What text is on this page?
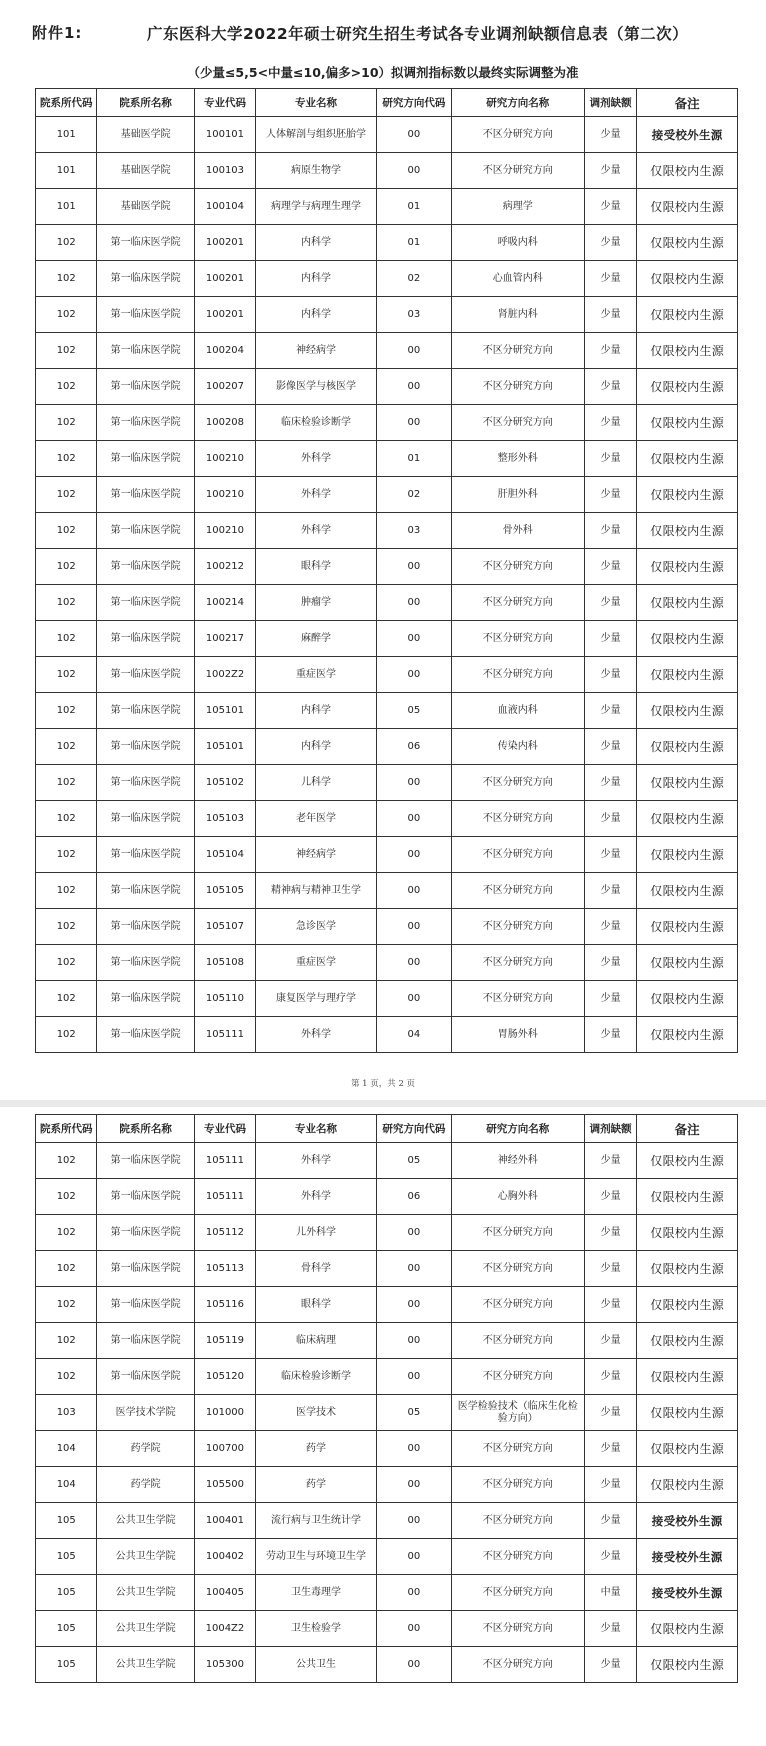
附件1:	广东医科大学2022年硕士研究生招生考试各专业调剂缺额信息表（第二次）
（少量≤5,5<中量≤10,偏多>10）拟调剂指标数以最终实际调整为准
院系所代码	院系所名称	专业代码	专业名称	研究方向代码	研究方向名称	调剂缺额	备注
101	基础医学院	100101	人体解剖与组织胚胎学	00	不区分研究方向	少量	接受校外生源
101	基础医学院	100103	病原生物学	00	不区分研究方向	少量	仅限校内生源
101	基础医学院	100104	病理学与病理生理学	01	病理学	少量	仅限校内生源
102	第一临床医学院	100201	内科学	01	呼吸内科	少量	仅限校内生源
102	第一临床医学院	100201	内科学	02	心血管内科	少量	仅限校内生源
102	第一临床医学院	100201	内科学	03	肾脏内科	少量	仅限校内生源
102	第一临床医学院	100204	神经病学	00	不区分研究方向	少量	仅限校内生源
102	第一临床医学院	100207	影像医学与核医学	00	不区分研究方向	少量	仅限校内生源
102	第一临床医学院	100208	临床检验诊断学	00	不区分研究方向	少量	仅限校内生源
102	第一临床医学院	100210	外科学	01	整形外科	少量	仅限校内生源
102	第一临床医学院	100210	外科学	02	肝胆外科	少量	仅限校内生源
102	第一临床医学院	100210	外科学	03	骨外科	少量	仅限校内生源
102	第一临床医学院	100212	眼科学	00	不区分研究方向	少量	仅限校内生源
102	第一临床医学院	100214	肿瘤学	00	不区分研究方向	少量	仅限校内生源
102	第一临床医学院	100217	麻醉学	00	不区分研究方向	少量	仅限校内生源
102	第一临床医学院	1002Z2	重症医学	00	不区分研究方向	少量	仅限校内生源
102	第一临床医学院	105101	内科学	05	血液内科	少量	仅限校内生源
102	第一临床医学院	105101	内科学	06	传染内科	少量	仅限校内生源
102	第一临床医学院	105102	儿科学	00	不区分研究方向	少量	仅限校内生源
102	第一临床医学院	105103	老年医学	00	不区分研究方向	少量	仅限校内生源
102	第一临床医学院	105104	神经病学	00	不区分研究方向	少量	仅限校内生源
102	第一临床医学院	105105	精神病与精神卫生学	00	不区分研究方向	少量	仅限校内生源
102	第一临床医学院	105107	急诊医学	00	不区分研究方向	少量	仅限校内生源
102	第一临床医学院	105108	重症医学	00	不区分研究方向	少量	仅限校内生源
102	第一临床医学院	105110	康复医学与理疗学	00	不区分研究方向	少量	仅限校内生源
102	第一临床医学院	105111	外科学	04	胃肠外科	少量	仅限校内生源
第 1 页，共 2 页
院系所代码	院系所名称	专业代码	专业名称	研究方向代码	研究方向名称	调剂缺额	备注
102	第一临床医学院	105111	外科学	05	神经外科	少量	仅限校内生源
102	第一临床医学院	105111	外科学	06	心胸外科	少量	仅限校内生源
102	第一临床医学院	105112	儿外科学	00	不区分研究方向	少量	仅限校内生源
102	第一临床医学院	105113	骨科学	00	不区分研究方向	少量	仅限校内生源
102	第一临床医学院	105116	眼科学	00	不区分研究方向	少量	仅限校内生源
102	第一临床医学院	105119	临床病理	00	不区分研究方向	少量	仅限校内生源
102	第一临床医学院	105120	临床检验诊断学	00	不区分研究方向	少量	仅限校内生源
103	医学技术学院	101000	医学技术	05	医学检验技术（临床生化检验方向）	少量	仅限校内生源
104	药学院	100700	药学	00	不区分研究方向	少量	仅限校内生源
104	药学院	105500	药学	00	不区分研究方向	少量	仅限校内生源
105	公共卫生学院	100401	流行病与卫生统计学	00	不区分研究方向	少量	接受校外生源
105	公共卫生学院	100402	劳动卫生与环境卫生学	00	不区分研究方向	少量	接受校外生源
105	公共卫生学院	100405	卫生毒理学	00	不区分研究方向	中量	接受校外生源
105	公共卫生学院	1004Z2	卫生检验学	00	不区分研究方向	少量	仅限校内生源
105	公共卫生学院	105300	公共卫生	00	不区分研究方向	少量	仅限校内生源
